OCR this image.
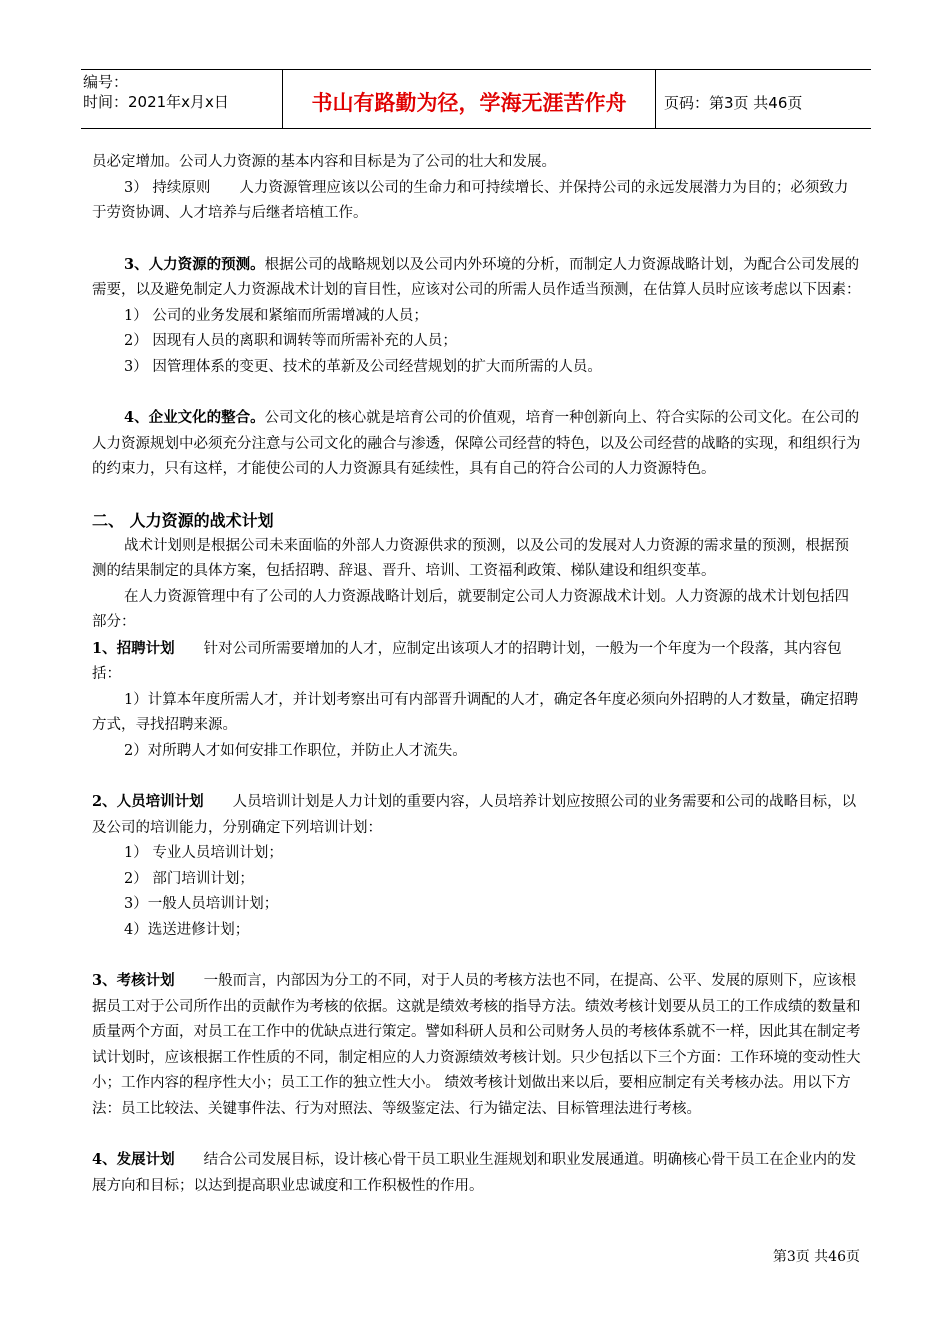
编号：
时间：2021年x月x日	书山有路勤为径，学海无涯苦作舟	页码：第3页 共46页

员必定增加。公司人力资源的基本内容和目标是为了公司的壮大和发展。

3） 持续原则　　人力资源管理应该以公司的生命力和可持续增长、并保持公司的永远发展潜力为目的；必须致力于劳资协调、人才培养与后继者培植工作。

3、人力资源的预测。根据公司的战略规划以及公司内外环境的分析，而制定人力资源战略计划，为配合公司发展的需要，以及避免制定人力资源战术计划的盲目性，应该对公司的所需人员作适当预测，在估算人员时应该考虑以下因素：

1） 公司的业务发展和紧缩而所需增减的人员；

2） 因现有人员的离职和调转等而所需补充的人员；

3） 因管理体系的变更、技术的革新及公司经营规划的扩大而所需的人员。

4、企业文化的整合。公司文化的核心就是培育公司的价值观，培育一种创新向上、符合实际的公司文化。在公司的人力资源规划中必须充分注意与公司文化的融合与渗透，保障公司经营的特色，以及公司经营的战略的实现，和组织行为的约束力，只有这样，才能使公司的人力资源具有延续性，具有自己的符合公司的人力资源特色。

二、 人力资源的战术计划

战术计划则是根据公司未来面临的外部人力资源供求的预测，以及公司的发展对人力资源的需求量的预测，根据预测的结果制定的具体方案，包括招聘、辞退、晋升、培训、工资福利政策、梯队建设和组织变革。

在人力资源管理中有了公司的人力资源战略计划后，就要制定公司人力资源战术计划。人力资源的战术计划包括四部分：

1、招聘计划　　针对公司所需要增加的人才，应制定出该项人才的招聘计划，一般为一个年度为一个段落，其内容包括：

1）计算本年度所需人才，并计划考察出可有内部晋升调配的人才，确定各年度必须向外招聘的人才数量，确定招聘方式，寻找招聘来源。

2）对所聘人才如何安排工作职位，并防止人才流失。

2、人员培训计划　　人员培训计划是人力计划的重要内容，人员培养计划应按照公司的业务需要和公司的战略目标，以及公司的培训能力，分别确定下列培训计划：

1） 专业人员培训计划；

2） 部门培训计划；

3）一般人员培训计划；

4）选送进修计划；

3、考核计划　　一般而言，内部因为分工的不同，对于人员的考核方法也不同，在提高、公平、发展的原则下，应该根据员工对于公司所作出的贡献作为考核的依据。这就是绩效考核的指导方法。绩效考核计划要从员工的工作成绩的数量和质量两个方面，对员工在工作中的优缺点进行策定。譬如科研人员和公司财务人员的考核体系就不一样，因此其在制定考试计划时，应该根据工作性质的不同，制定相应的人力资源绩效考核计划。只少包括以下三个方面：工作环境的变动性大小；工作内容的程序性大小；员工工作的独立性大小。 绩效考核计划做出来以后，要相应制定有关考核办法。用以下方法：员工比较法、关键事件法、行为对照法、等级鉴定法、行为锚定法、目标管理法进行考核。

4、发展计划　　结合公司发展目标，设计核心骨干员工职业生涯规划和职业发展通道。明确核心骨干员工在企业内的发展方向和目标；以达到提高职业忠诚度和工作积极性的作用。

第3页 共46页
